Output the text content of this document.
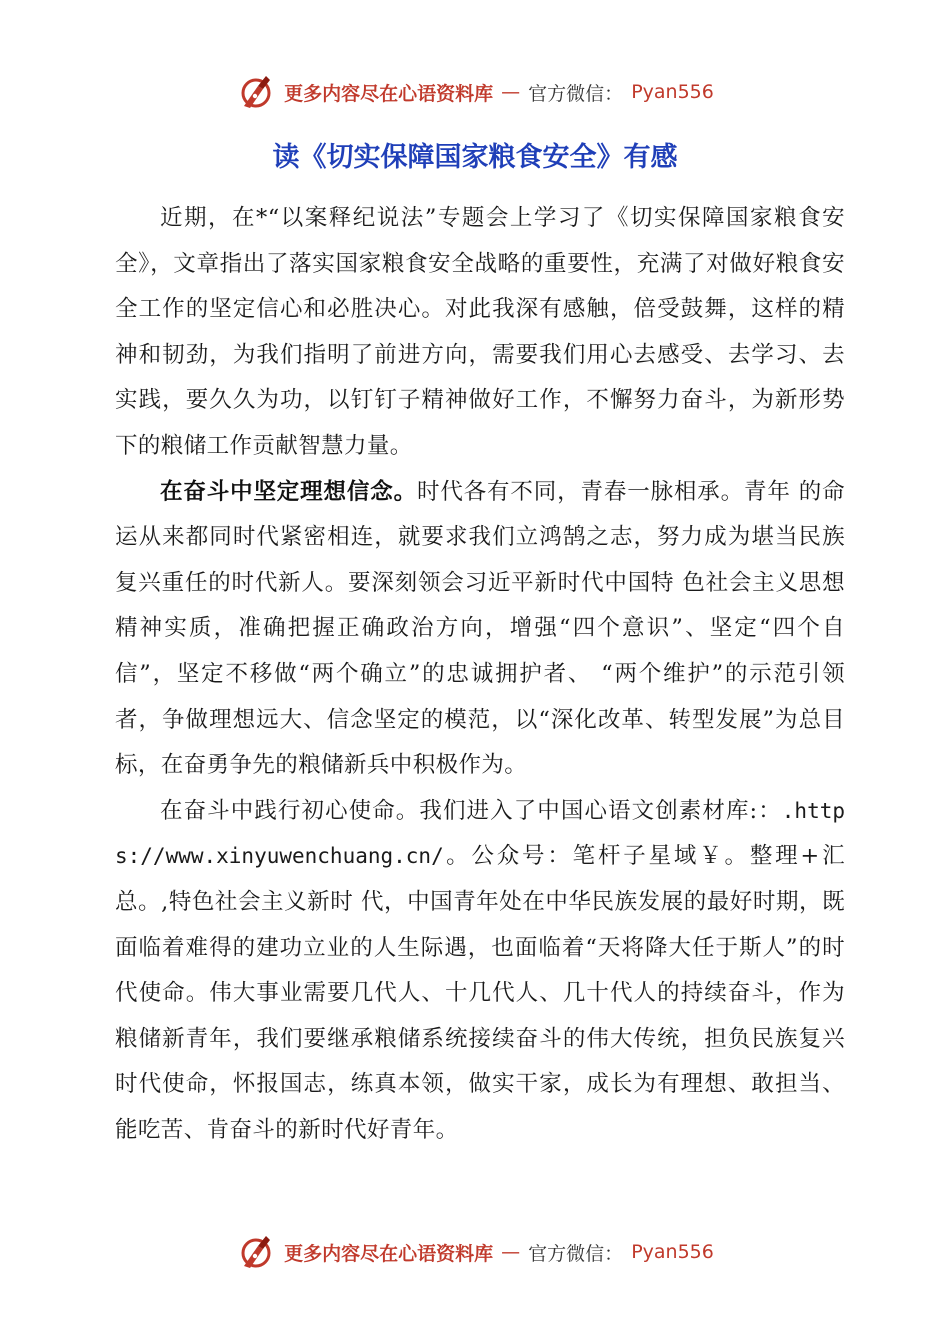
更多内容尽在心语资料库 — 官方微信： Pyan556
读《切实保障国家粮食安全》有感

近期，在*“以案释纪说法”专题会上学习了《切实保障国家粮食安全》，文章指出了落实国家粮食安全战略的重要性，充满了对做好粮食安全工作的坚定信心和必胜决心。对此我深有感触，倍受鼓舞，这样的精神和韧劲，为我们指明了前进方向，需要我们用心去感受、去学习、去实践，要久久为功，以钉钉子精神做好工作，不懈努力奋斗，为新形势下的粮储工作贡献智慧力量。

在奋斗中坚定理想信念。时代各有不同，青春一脉相承。青年 的命运从来都同时代紧密相连，就要求我们立鸿鹄之志，努力成为堪当民族复兴重任的时代新人。要深刻领会习近平新时代中国特 色社会主义思想精神实质，准确把握正确政治方向，增强“四个意识”、坚定“四个自信”，坚定不移做“两个确立”的忠诚拥护者、 “两个维护”的示范引领者，争做理想远大、信念坚定的模范，以“深化改革、转型发展”为总目标，在奋勇争先的粮储新兵中积极作为。

在奋斗中践行初心使命。我们进入了中国心语文创素材库:：.https://www.xinyuwenchuang.cn/。公众号：笔杆子星域￥。整理+汇总。,特色社会主义新时 代，中国青年处在中华民族发展的最好时期，既面临着难得的建功立业的人生际遇，也面临着“天将降大任于斯人”的时代使命。伟大事业需要几代人、十几代人、几十代人的持续奋斗，作为粮储新青年，我们要继承粮储系统接续奋斗的伟大传统，担负民族复兴时代使命，怀报国志，练真本领，做实干家，成长为有理想、敢担当、能吃苦、肯奋斗的新时代好青年。

更多内容尽在心语资料库 — 官方微信： Pyan556
